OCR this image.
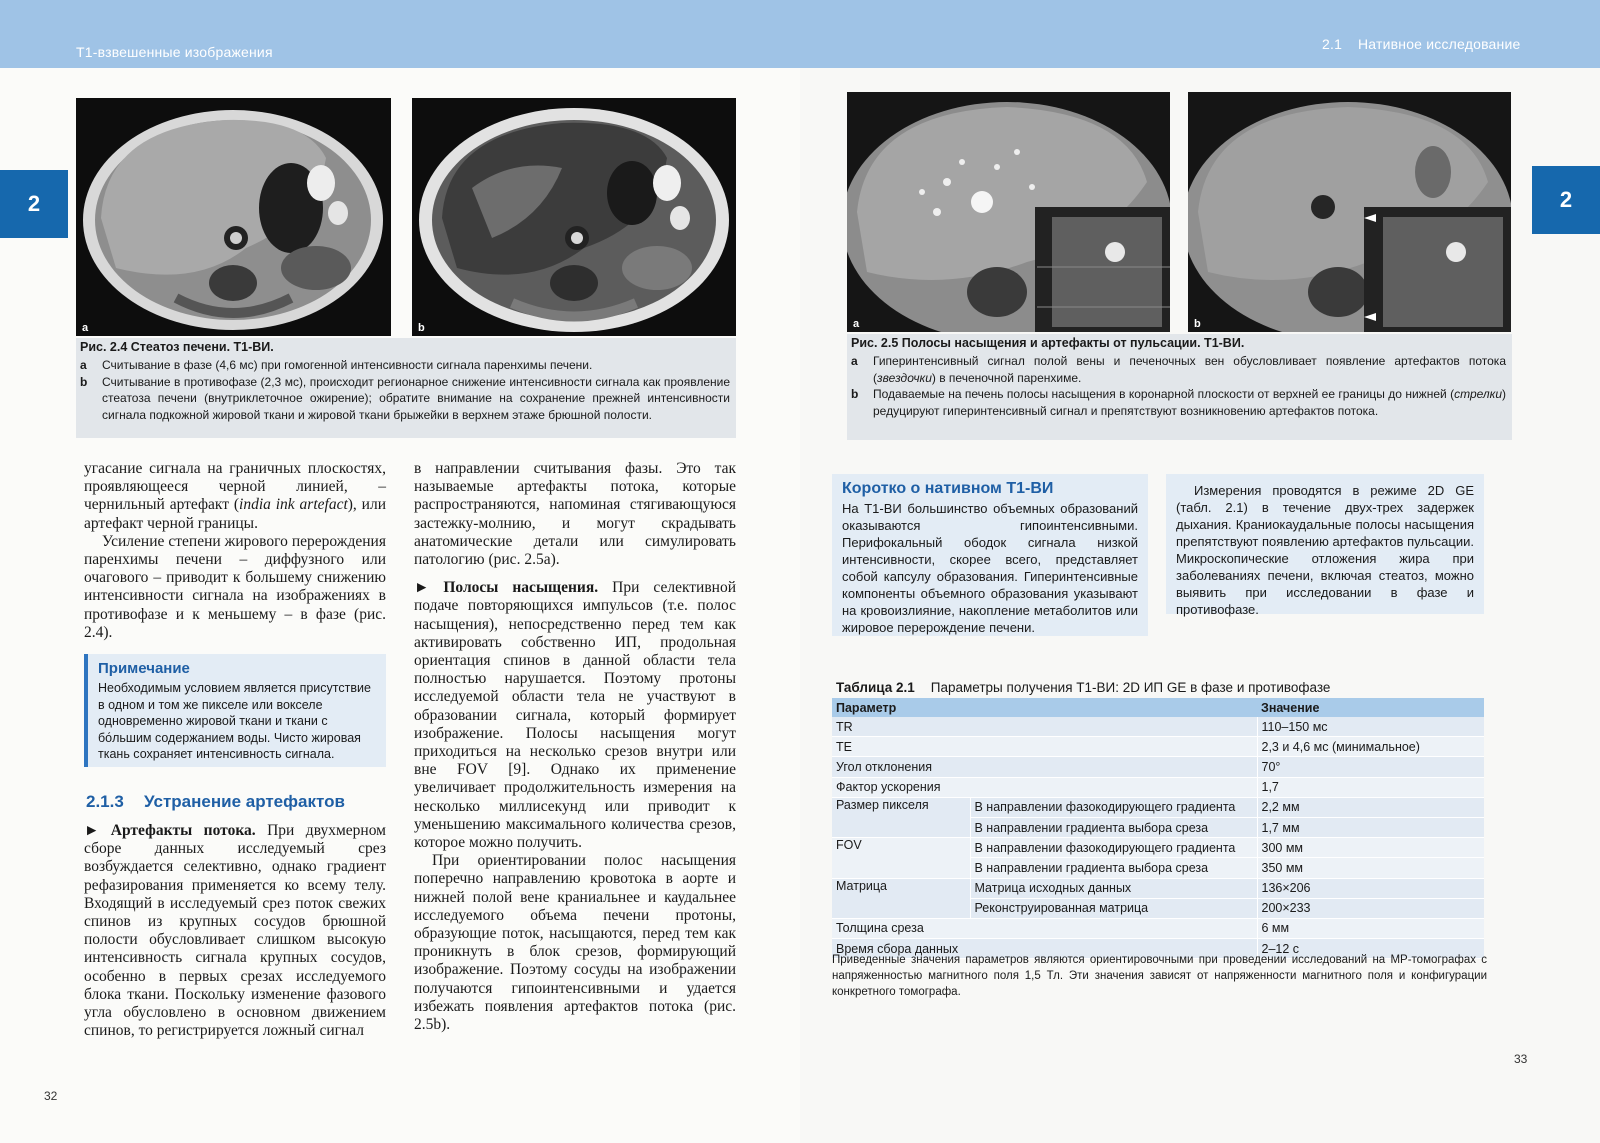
T1-взвешенные изображения
2
a	b
Рис. 2.4 Стеатоз печени. Т1-ВИ.
a	Считывание в фазе (4,6 мс) при гомогенной интенсивности сигнала паренхимы печени.
b	Считывание в противофазе (2,3 мс), происходит регионарное снижение интенсивности сигнала как проявление стеатоза печени (внутриклеточное ожирение); обратите внимание на сохранение прежней интенсивности сигнала подкожной жировой ткани и жировой ткани брыжейки в верхнем этаже брюшной полости.

угасание сигнала на граничных плоскостях, проявляющееся черной линией, – чернильный артефакт (india ink artefact), или артефакт черной границы.

Усиление степени жирового перерождения паренхимы печени – диффузного или очагового – приводит к большему снижению интенсивности сигнала на изображениях в противофазе и к меньшему – в фазе (рис. 2.4).

Примечание
Необходимым условием является присутствие в одном и том же пикселе или вокселе одновременно жировой ткани и ткани с бо́льшим содержанием воды. Чисто жировая ткань сохраняет интенсивность сигнала.
2.1.3 Устранение артефактов

► Артефакты потока. При двухмерном сборе данных исследуемый срез возбуждается селективно, однако градиент рефазирования применяется ко всему телу. Входящий в исследуемый срез поток свежих спинов из крупных сосудов брюшной полости обусловливает слишком высокую интенсивность сигнала крупных сосудов, особенно в первых срезах исследуемого блока ткани. Поскольку изменение фазового угла обусловлено в основном движением спинов, то регистрируется ложный сигнал

в направлении считывания фазы. Это так называемые артефакты потока, которые распространяются, напоминая стягивающуюся застежку-молнию, и могут скрадывать анатомические детали или симулировать патологию (рис. 2.5а).

► Полосы насыщения. При селективной подаче повторяющихся импульсов (т.е. полос насыщения), непосредственно перед тем как активировать собственно ИП, продольная ориентация спинов в данной области тела полностью нарушается. Поэтому протоны исследуемой области тела не участвуют в образовании сигнала, который формирует изображение. Полосы насыщения могут приходиться на несколько срезов внутри или вне FOV [9]. Однако их применение увеличивает продолжительность измерения на несколько миллисекунд или приводит к уменьшению максимального количества срезов, которое можно получить.

При ориентировании полос насыщения поперечно направлению кровотока в аорте и нижней полой вене краниальнее и каудальнее исследуемого объема печени протоны, образующие поток, насыщаются, перед тем как проникнуть в блок срезов, формирующий изображение. Поэтому сосуды на изображении получаются гипоинтенсивными и удается избежать появления артефактов потока (рис. 2.5b).

32
2.1 Нативное исследование
2
a	b
Рис. 2.5 Полосы насыщения и артефакты от пульсации. Т1-ВИ.
a	Гиперинтенсивный сигнал полой вены и печеночных вен обусловливает появление артефактов потока (звездочки) в печеночной паренхиме.
b	Подаваемые на печень полосы насыщения в коронарной плоскости от верхней ее границы до нижней (стрелки) редуцируют гиперинтенсивный сигнал и препятствуют возникновению артефактов потока.
Коротко о нативном Т1-ВИ
На Т1-ВИ большинство объемных образований оказываются гипоинтенсивными. Перифокальный ободок сигнала низкой интенсивности, скорее всего, представляет собой капсулу образования. Гиперинтенсивные компоненты объемного образования указывают на кровоизлияние, накопление метаболитов или жировое перерождение печени.
Измерения проводятся в режиме 2D GE (табл. 2.1) в течение двух-трех задержек дыхания. Краниокаудальные полосы насыщения препятствуют появлению артефактов пульсации. Микроскопические отложения жира при заболеваниях печени, включая стеатоз, можно выявить при исследовании в фазе и противофазе.
Таблица 2.1 Параметры получения Т1-ВИ: 2D ИП GE в фазе и противофазе
Параметр		Значение
TR		110–150 мс
TE		2,3 и 4,6 мс (минимальное)
Угол отклонения		70°
Фактор ускорения		1,7
Размер пикселя	В направлении фазокодирующего градиента	2,2 мм
	В направлении градиента выбора среза	1,7 мм
FOV	В направлении фазокодирующего градиента	300 мм
	В направлении градиента выбора среза	350 мм
Матрица	Матрица исходных данных	136×206
	Реконструированная матрица	200×233
Толщина среза		6 мм
Время сбора данных		2–12 с
Приведенные значения параметров являются ориентировочными при проведении исследований на МР-томографах с напряженностью магнитного поля 1,5 Тл. Эти значения зависят от напряженности магнитного поля и конфигурации конкретного томографа.
33
